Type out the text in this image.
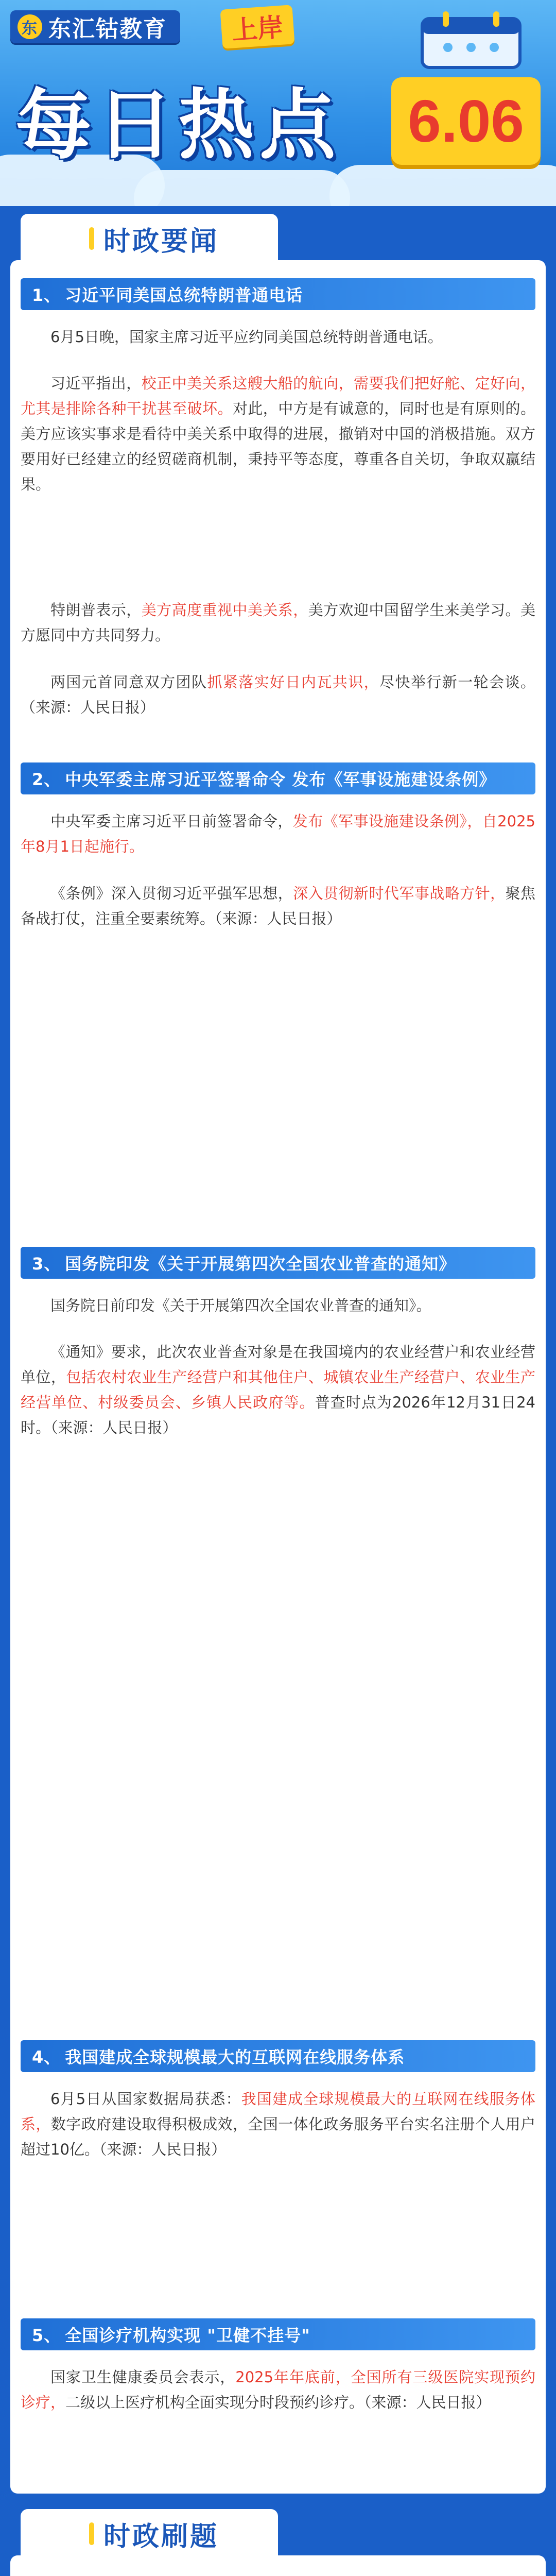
东 东汇钴教育	上岸
每日热点 6.06
时政要闻
1、 习近平同美国总统特朗普通电话
6月5日晚，国家主席习近平应约同美国总统特朗普通电话。
习近平指出，校正中美关系这艘大船的航向，需要我们把好舵、定好向，尤其是排除各种干扰甚至破坏。对此，中方是有诚意的，同时也是有原则的。美方应该实事求是看待中美关系中取得的进展，撤销对中国的消极措施。双方要用好已经建立的经贸磋商机制，秉持平等态度，尊重各自关切，争取双赢结果。
特朗普表示，美方高度重视中美关系，美方欢迎中国留学生来美学习。美方愿同中方共同努力。
两国元首同意双方团队抓紧落实好日内瓦共识，尽快举行新一轮会谈。（来源：人民日报）
2、 中央军委主席习近平签署命令 发布《军事设施建设条例》
中央军委主席习近平日前签署命令，发布《军事设施建设条例》，自2025年8月1日起施行。
《条例》深入贯彻习近平强军思想，深入贯彻新时代军事战略方针，聚焦备战打仗，注重全要素统筹。（来源：人民日报）
3、 国务院印发《关于开展第四次全国农业普查的通知》
国务院日前印发《关于开展第四次全国农业普查的通知》。
《通知》要求，此次农业普查对象是在我国境内的农业经营户和农业经营单位，包括农村农业生产经营户和其他住户、城镇农业生产经营户、农业生产经营单位、村级委员会、乡镇人民政府等。普查时点为2026年12月31日24时。（来源：人民日报）
4、 我国建成全球规模最大的互联网在线服务体系
6月5日从国家数据局获悉：我国建成全球规模最大的互联网在线服务体系，数字政府建设取得积极成效，全国一体化政务服务平台实名注册个人用户超过10亿。（来源：人民日报）
5、 全国诊疗机构实现 "卫健不挂号"
国家卫生健康委员会表示，2025年年底前，全国所有三级医院实现预约诊疗，二级以上医疗机构全面实现分时段预约诊疗。（来源：人民日报）
时政刷题
